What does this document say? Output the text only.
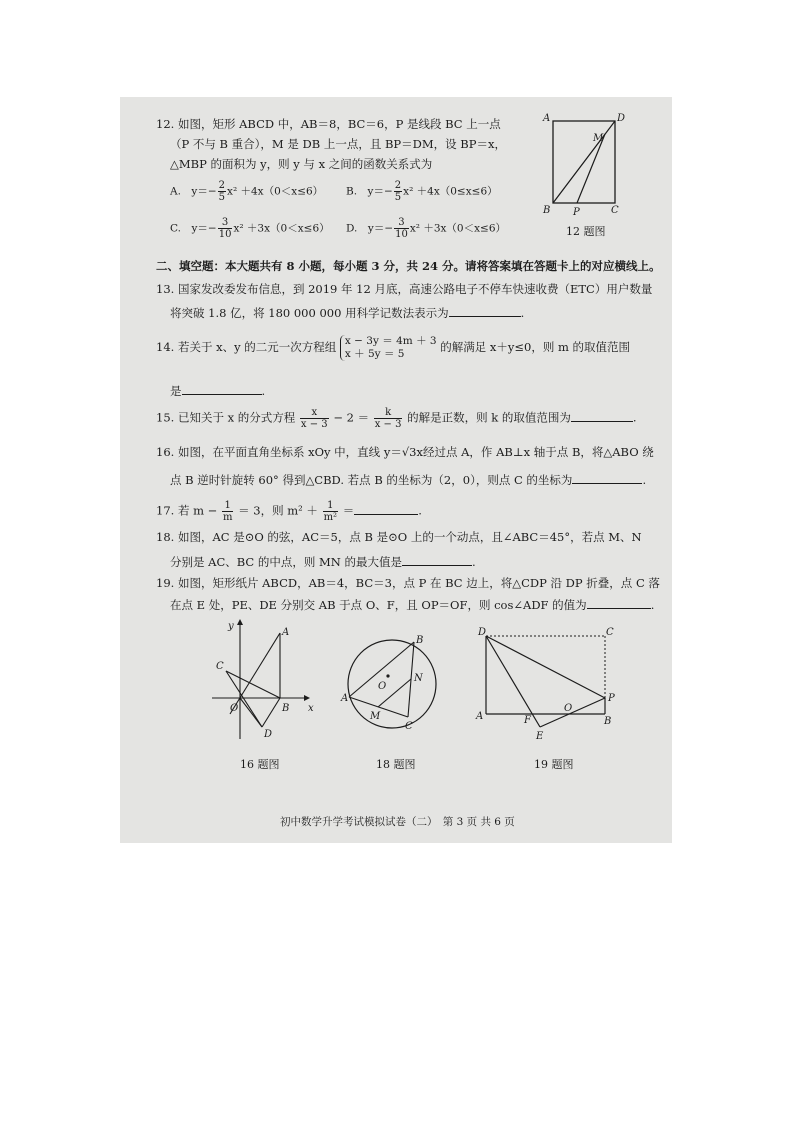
12. 如图，矩形 ABCD 中，AB＝8，BC＝6，P 是线段 BC 上一点
（P 不与 B 重合），M 是 DB 上一点，且 BP＝DM，设 BP＝x，
△MBP 的面积为 y，则 y 与 x 之间的函数关系式为
A.　$y=- \frac{2}{5} x^2 +4x(0<x\le 6)$ B.　$y=- \frac{2}{5} x^2 +4x(0\le x\le 6)$
C.　$y=- \frac{3}{10} x^2 +3x(0<x\le 6)$ D.　$y=- \frac{3}{10} x^2 +3x(0<x\le 6)$
A	D
B P	C
M
12 题图
二、填空题：本大题共有 8 小题，每小题 3 分，共 24 分。请将答案填在答题卡上的对应横线上。
13. 国家发改委发布信息，到 2019 年 12 月底，高速公路电子不停车快速收费（ETC）用户数量
将突破 1.8 亿，将 180 000 000 用科学记数法表示为	.
14. 若关于 x、y 的二元一次方程组 x − 3y ＝ 4m ＋ 3
x ＋ 5y ＝ 5	的解满足 x＋y≤0，则 m 的取值范围
是	.
15. 已知关于 x 的分式方程 $\frac{x}{x - 3} - 2 = \frac{k}{x - 3}$ 的解是正数，则 k 的取值范围为	.
16. 如图，在平面直角坐标系 xOy 中，直线 y＝√3x经过点 A，作 AB⊥x 轴于点 B，将△ABO 绕
点 B 逆时针旋转 60° 得到△CBD. 若点 B 的坐标为（2，0），则点 C 的坐标为	.
17. 若 $m - \frac{1}{m} = 3$，则 $m^2 + \frac{1}{\text{m²}}$ ＝	.
18. 如图，AC 是⊙O 的弦，AC＝5，点 B 是⊙O 上的一个动点，且∠ABC＝45°，若点 M、N
分别是 AC、BC 的中点，则 MN 的最大值是	.
19. 如图，矩形纸片 ABCD，AB＝4，BC＝3，点 P 在 BC 边上，将△CDP 沿 DP 折叠，点 C 落
在点 E 处，PE、DE 分别交 AB 于点 O、F，且 OP＝OF，则 cos∠ADF 的值为	.
y
x
A
C
O	B
D
16 题图
B
O
N
A
M
C
18 题图
D	C
P
A	F
O
B
E
19 题图
初中数学升学考试模拟试卷（二）　第 3 页 共 6 页
